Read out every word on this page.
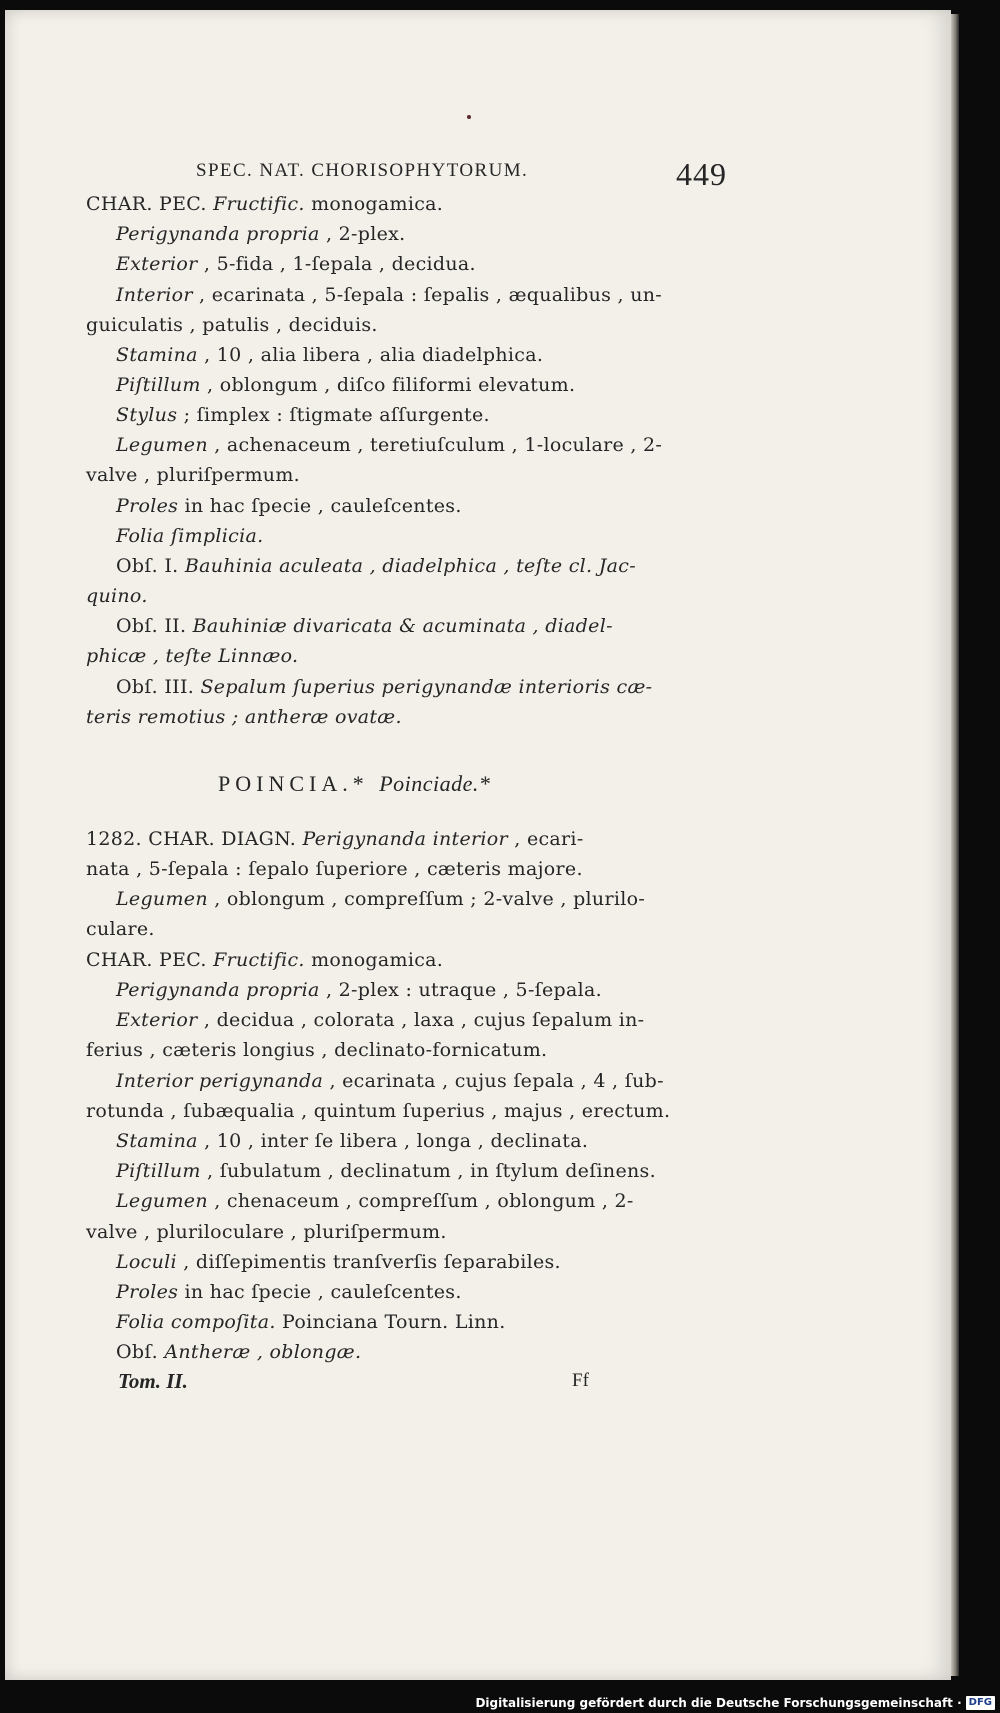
SPEC. NAT. CHORISOPHYTORUM.	449
CHAR. PEC. Fructific. monogamica.
Perigynanda propria , 2-plex.
Exterior , 5-fida , 1-ſepala , decidua.
Interior , ecarinata , 5-ſepala : ſepalis , æqualibus , un-
guiculatis , patulis , deciduis.
Stamina , 10 , alia libera , alia diadelphica.
Piſtillum , oblongum , diſco filiformi elevatum.
Stylus ; ſimplex : ſtigmate aſſurgente.
Legumen , achenaceum , teretiuſculum , 1-loculare , 2-
valve , pluriſpermum.
Proles in hac ſpecie , cauleſcentes.
Folia ſimplicia.
Obſ. I. Bauhinia aculeata , diadelphica , teſte cl. Jac-
quino.
Obſ. II. Bauhiniæ divaricata & acuminata , diadel-
phicæ , teſte Linnæo.
Obſ. III. Sepalum ſuperius perigynandæ interioris cæ-
teris remotius ; antheræ ovatæ.
POINCIA.* Poinciade.*
1282. CHAR. DIAGN. Perigynanda interior , ecari-
nata , 5-ſepala : ſepalo ſuperiore , cæteris majore.
Legumen , oblongum , compreſſum ; 2-valve , plurilo-
culare.
CHAR. PEC. Fructific. monogamica.
Perigynanda propria , 2-plex : utraque , 5-ſepala.
Exterior , decidua , colorata , laxa , cujus ſepalum in-
ferius , cæteris longius , declinato-fornicatum.
Interior perigynanda , ecarinata , cujus ſepala , 4 , ſub-
rotunda , ſubæqualia , quintum ſuperius , majus , erectum.
Stamina , 10 , inter ſe libera , longa , declinata.
Piſtillum , ſubulatum , declinatum , in ſtylum deſinens.
Legumen , chenaceum , compreſſum , oblongum , 2-
valve , pluriloculare , pluriſpermum.
Loculi , diſſepimentis tranſverſis ſeparabiles.
Proles in hac ſpecie , cauleſcentes.
Folia compoſita. Poinciana Tourn. Linn.
Obſ. Antheræ , oblongæ.
Tom. II.	Ff
Digitalisierung gefördert durch die Deutsche Forschungsgemeinschaft · DFG
